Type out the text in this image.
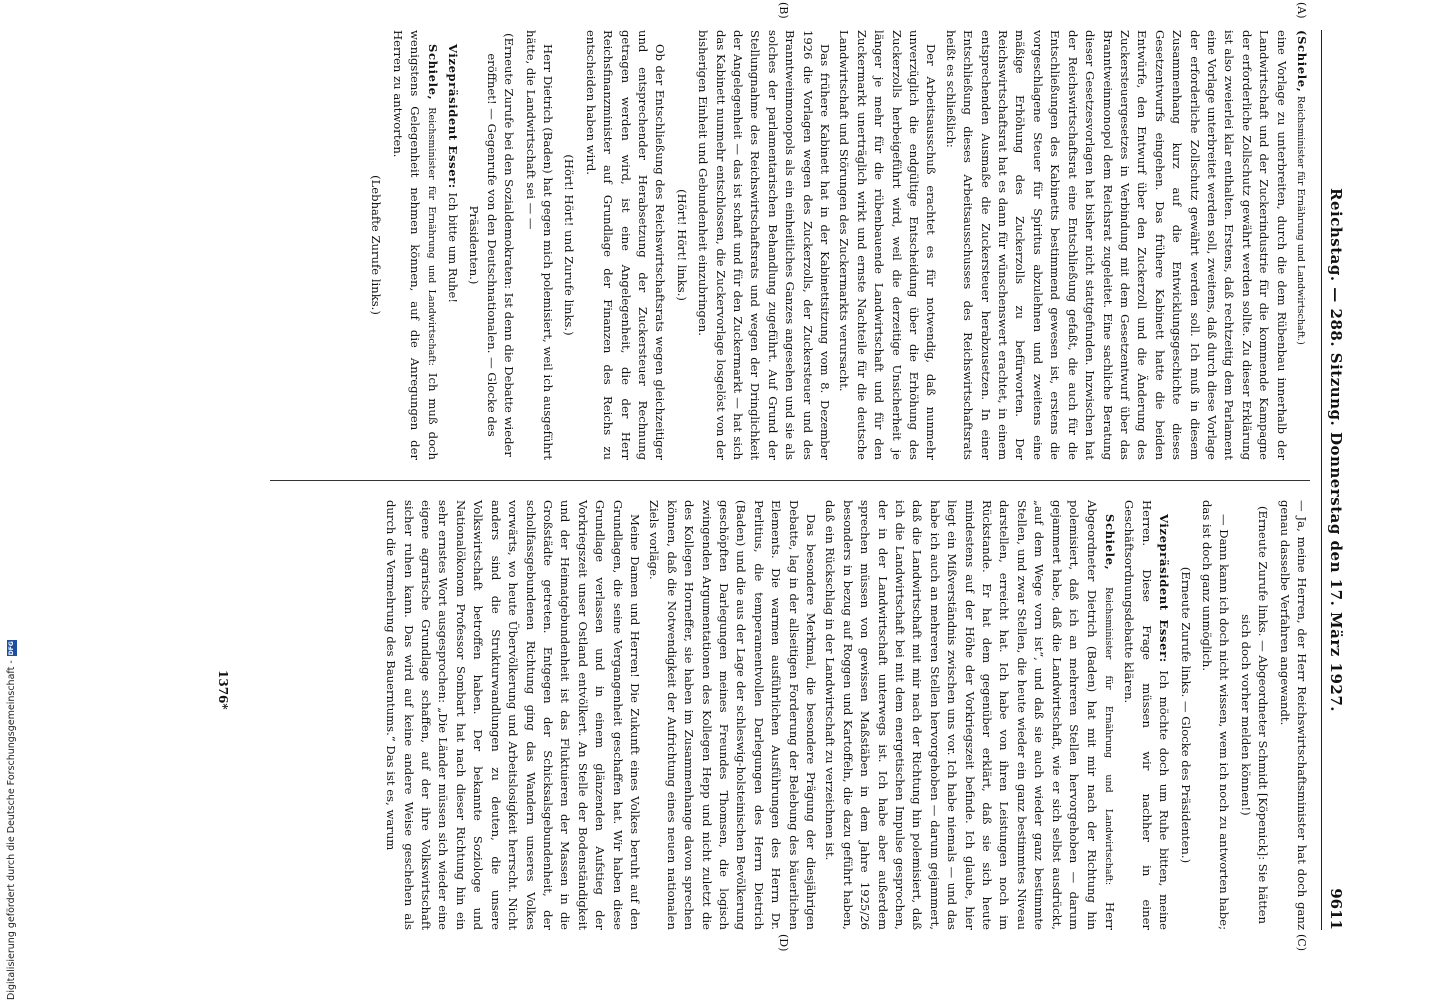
Reichstag. — 288. Sitzung. Donnerstag den 17. März 1927.
9611
(A)
(B)
(C)
(D)

(Schiele, Reichsminister für Ernährung und Landwirtschaft.)

eine Vorlage zu unterbreiten, durch die dem Rübenbau innerhalb der Landwirtschaft und der Zuckerindustrie für die kommende Kampagne der erforderliche Zollschutz gewährt werden sollte. Zu dieser Erklärung ist also zweierlei klar enthalten. Erstens, daß rechtzeitig dem Parlament eine Vorlage unterbreitet werden soll, zweitens, daß durch diese Vorlage der erforderliche Zollschutz gewährt werden soll. Ich muß in diesem Zusammenhang kurz auf die Entwicklungsgeschichte dieses Gesetzentwurfs eingehen. Das frühere Kabinett hatte die beiden Entwürfe, den Entwurf über den Zuckerzoll und die Änderung des Zuckersteuergesetzes in Verbindung mit dem Gesetzentwurf über das Branntweinmonopol dem Reichsrat zugeleitet. Eine sachliche Beratung dieser Gesetzesvorlagen hat bisher nicht stattgefunden. Inzwischen hat der Reichswirtschaftsrat eine Entschließung gefaßt, die auch für die Entschließungen des Kabinetts bestimmend gewesen ist, erstens die vorgeschlagene Steuer für Spiritus abzulehnen und zweitens eine mäßige Erhöhung des Zuckerzolls zu befürworten. Der Reichswirtschaftsrat hat es dann für wünschenswert erachtet, in einem entsprechenden Ausmaße die Zuckersteuer herabzusetzen. In einer Entschließung dieses Arbeitsausschusses des Reichswirtschaftsrats heißt es schließlich:

Der Arbeitsausschuß erachtet es für notwendig, daß nunmehr unverzüglich die endgültige Entscheidung über die Erhöhung des Zuckerzolls herbeigeführt wird, weil die derzeitige Unsicherheit je länger je mehr für die rübenbauende Landwirtschaft und für den Zuckermarkt unerträglich wirkt und ernste Nachteile für die deutsche Landwirtschaft und Störungen des Zuckermarkts verursacht.

Das frühere Kabinett hat in der Kabinettsitzung vom 8. Dezember 1926 die Vorlagen wegen des Zuckerzolls, der Zuckersteuer und des Branntweinmonopols als ein einheitliches Ganzes angesehen und sie als solches der parlamentarischen Behandlung zugeführt. Auf Grund der Stellungnahme des Reichswirtschaftsrats und wegen der Dringlichkeit der Angelegenheit — das ist schaft und für den Zuckermarkt — hat sich das Kabinett nunmehr entschlossen, die Zuckervorlage losgelöst von der bisherigen Einheit und Gebundenheit einzubringen.

(Hört! Hört! links.)

Ob der Entschließung des Reichswirtschaftsrats wegen gleichzeitiger und entsprechender Herabsetzung der Zuckersteuer Rechnung getragen werden wird, ist eine Angelegenheit, die der Herr Reichsfinanzminister auf Grundlage der Finanzen des Reichs zu entscheiden haben wird.

(Hört! Hört! und Zurufe links.)

Herr Dietrich (Baden) hat gegen mich polemisiert, weil ich ausgeführt hätte, die Landwirtschaft sei — —

(Erneute Zurufe bei den Sozialdemokraten: Ist denn die Debatte wieder eröffnet! — Gegenrufe von den Deutschnationalen. — Glocke des Präsidenten.)

Vizepräsident Esser: Ich bitte um Ruhe!

Schiele, Reichsminister für Ernährung und Landwirtschaft: Ich muß doch wenigstens Gelegenheit nehmen können, auf die Anregungen der Herren zu antworten.

(Lebhafte Zurufe links.)

— Ja, meine Herren, der Herr Reichswirtschaftsminister hat doch ganz genau dasselbe Verfahren angewandt.

(Erneute Zurufe links. — Abgeordneter Schmidt [Köpenick]: Sie hätten sich doch vorher melden können!)

— Dann kann ich doch nicht wissen, wem ich noch zu antworten habe; das ist doch ganz unmöglich.

(Erneute Zurufe links. — Glocke des Präsidenten.)

Vizepräsident Esser: Ich möchte doch um Ruhe bitten, meine Herren. Diese Frage müssen wir nachher in einer Geschäftsordnungsdebatte klären.

Schiele, Reichsminister für Ernährung und Landwirtschaft: Herr Abgeordneter Dietrich (Baden) hat mit mir nach der Richtung hin polemisiert, daß ich an mehreren Stellen hervorgehoben — darum gejammert habe, daß die Landwirtschaft, wie er sich selbst ausdrückt, „auf dem Wege vorn ist“, und daß sie auch wieder ganz bestimmte Stellen, und zwar Stellen, die heute wieder ein ganz bestimmtes Niveau darstellen, erreicht hat. Ich habe von ihren Leistungen noch im Rückstande. Er hat dem gegenüber erklärt, daß sie sich heute mindestens auf der Höhe der Vorkriegszeit befinde. Ich glaube, hier liegt ein Mißverständnis zwischen uns vor. Ich habe niemals — und das habe ich auch an mehreren Stellen hervorgehoben — darum gejammert, daß die Landwirtschaft mit mir nach der Richtung hin polemisiert, daß ich die Landwirtschaft bei mit dem energetischen Impulse gesprochen, der in der Landwirtschaft unterwegs ist. Ich habe aber außerdem sprechen müssen von gewissen Maßstäben in dem Jahre 1925/26 besonders in bezug auf Roggen und Kartoffeln, die dazu geführt haben, daß ein Rückschlag in der Landwirtschaft zu verzeichnen ist.

Das besondere Merkmal, die besondere Prägung der diesjährigen Debatte, lag in der allseitigen Forderung der Belebung des bäuerlichen Elements. Die warmen ausführlichen Ausführungen des Herrn Dr. Perlitius, die temperamentvollen Darlegungen des Herrn Dietrich (Baden) und die aus der Lage der schleswig-holsteinischen Bevölkerung geschöpften Darlegungen meines Freundes Thomsen, die logisch zwingenden Argumentationen des Kollegen Hepp und nicht zuletzt die des Kollegen Horneffer, sie haben im Zusammenhange davon sprechen können, daß die Notwendigkeit der Aufrichtung eines neuen nationalen Ziels vorläge.

Meine Damen und Herren! Die Zukunft eines Volkes beruht auf den Grundlagen, die seine Vergangenheit geschaffen hat. Wir haben diese Grundlage verlassen und in einem glänzenden Aufstieg der Vorkriegszeit unser Ostland entvölkert. An Stelle der Bodenständigkeit und der Heimatgebundenheit ist das Fluktuieren der Massen in die Großstädte getreten. Entgegen der Schicksalsgebundenheit, der schollfassgebundenen Richtung ging das Wandern unseres Volkes vorwärts, wo heute Übervölkerung und Arbeitslosigkeit herrscht. Nicht anders sind die Strukturwandlungen zu deuten, die unsere Volkswirtschaft betroffen haben. Der bekannte Soziologe und Nationalökonom Professor Sombart hat nach dieser Richtung hin ein sehr ernstes Wort ausgesprochen: „Die Länder müssen sich wieder eine eigene agrarische Grundlage schaffen, auf der ihre Volkswirtschaft sicher ruhen kann. Das wird auf keine andere Weise geschehen als durch die Vermehrung des Bauerntums.“ Das ist es, warum

1376*
Digitalisierung gefördert durch die Deutsche Forschungsgemeinschaft -
DFG
